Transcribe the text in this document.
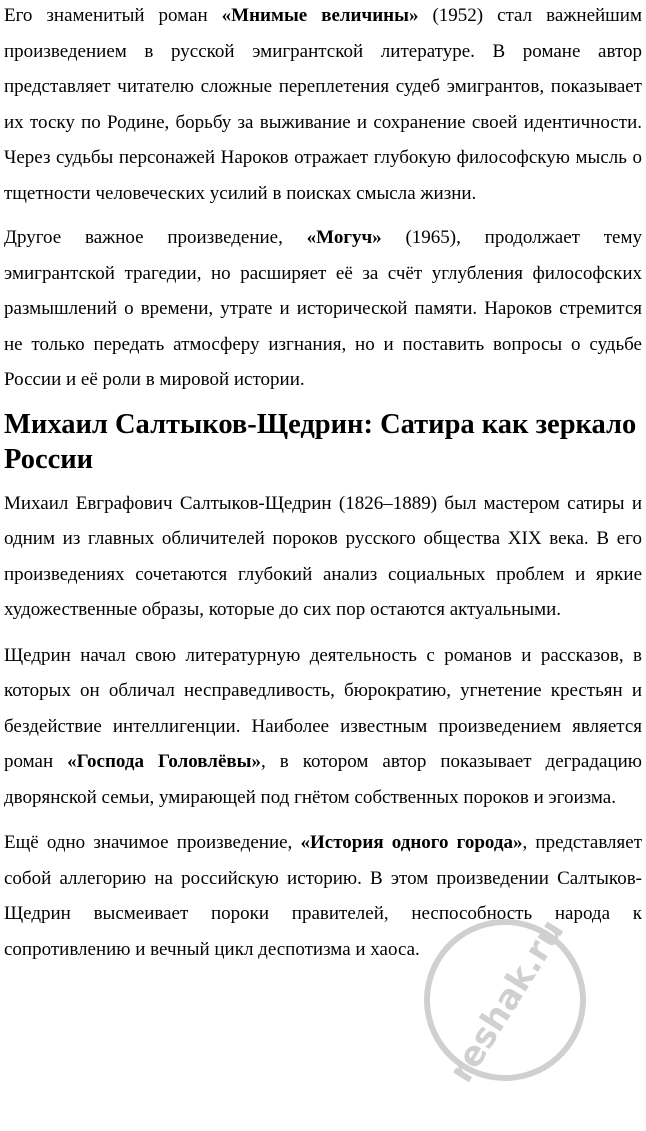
Его знаменитый роман «Мнимые величины» (1952) стал важнейшим произведением в русской эмигрантской литературе. В романе автор представляет читателю сложные переплетения судеб эмигрантов, показывает их тоску по Родине, борьбу за выживание и сохранение своей идентичности. Через судьбы персонажей Нароков отражает глубокую философскую мысль о тщетности человеческих усилий в поисках смысла жизни.

Другое важное произведение, «Могуч» (1965), продолжает тему эмигрантской трагедии, но расширяет её за счёт углубления философских размышлений о времени, утрате и исторической памяти. Нароков стремится не только передать атмосферу изгнания, но и поставить вопросы о судьбе России и её роли в мировой истории.

Михаил Салтыков-Щедрин: Сатира как зеркало России

Михаил Евграфович Салтыков-Щедрин (1826–1889) был мастером сатиры и одним из главных обличителей пороков русского общества XIX века. В его произведениях сочетаются глубокий анализ социальных проблем и яркие художественные образы, которые до сих пор остаются актуальными.

Щедрин начал свою литературную деятельность с романов и рассказов, в которых он обличал несправедливость, бюрократию, угнетение крестьян и бездействие интеллигенции. Наиболее известным произведением является роман «Господа Головлёвы», в котором автор показывает деградацию дворянской семьи, умирающей под гнётом собственных пороков и эгоизма.

Ещё одно значимое произведение, «История одного города», представляет собой аллегорию на российскую историю. В этом произведении Салтыков-Щедрин высмеивает пороки правителей, неспособность народа к сопротивлению и вечный цикл деспотизма и хаоса. reshak.ru
